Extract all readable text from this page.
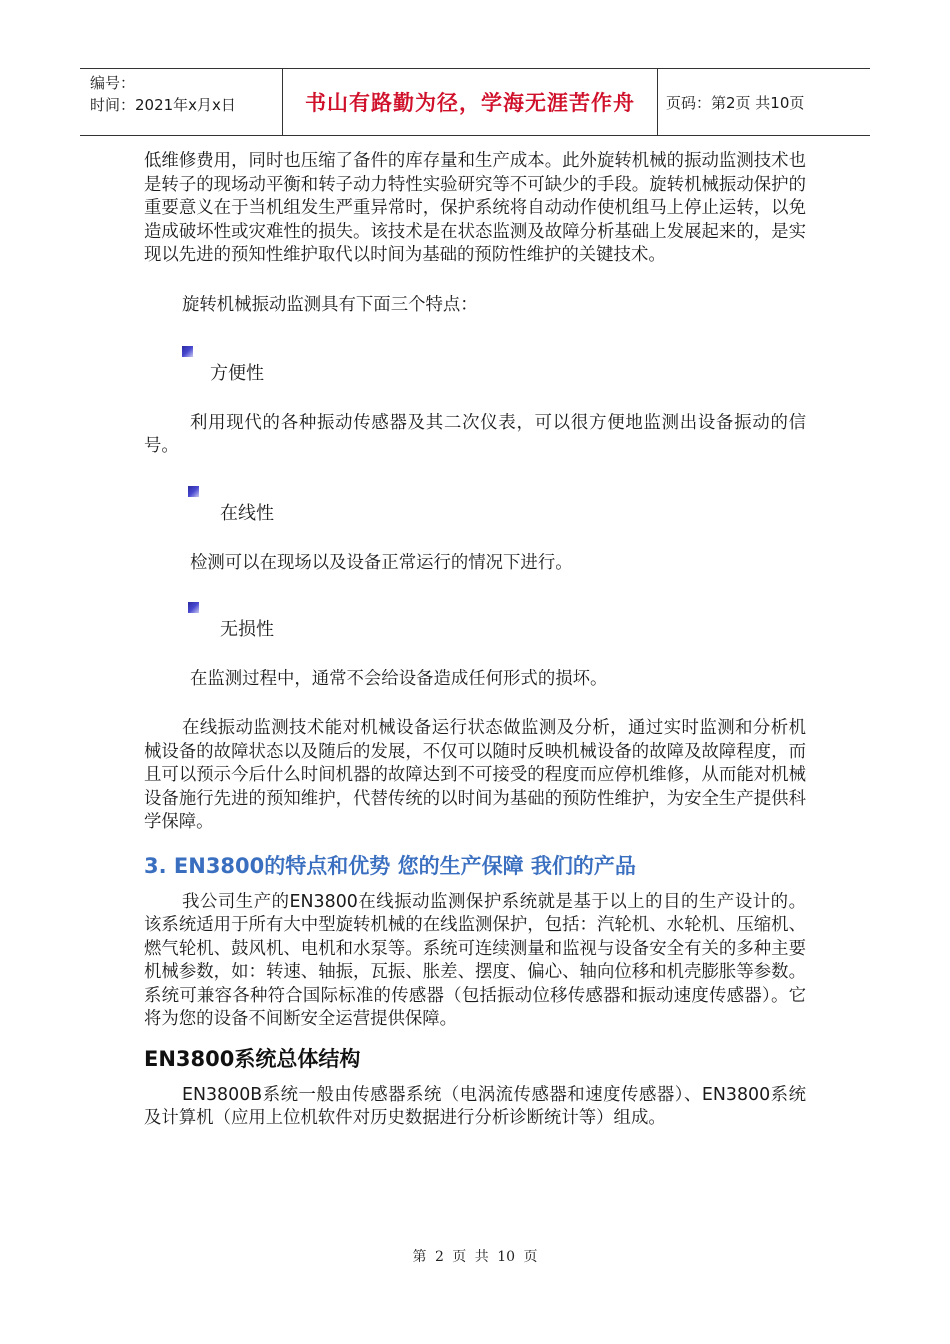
编号：
时间：2021年x月x日	书山有路勤为径，学海无涯苦作舟	页码：第2页 共10页

低维修费用，同时也压缩了备件的库存量和生产成本。此外旋转机械的振动监测技术也是转子的现场动平衡和转子动力特性实验研究等不可缺少的手段。旋转机械振动保护的重要意义在于当机组发生严重异常时，保护系统将自动动作使机组马上停止运转，以免造成破坏性或灾难性的损失。该技术是在状态监测及故障分析基础上发展起来的，是实现以先进的预知性维护取代以时间为基础的预防性维护的关键技术。

旋转机械振动监测具有下面三个特点：

方便性

利用现代的各种振动传感器及其二次仪表，可以很方便地监测出设备振动的信号。

在线性

检测可以在现场以及设备正常运行的情况下进行。

无损性

在监测过程中，通常不会给设备造成任何形式的损坏。

在线振动监测技术能对机械设备运行状态做监测及分析，通过实时监测和分析机械设备的故障状态以及随后的发展，不仅可以随时反映机械设备的故障及故障程度，而且可以预示今后什么时间机器的故障达到不可接受的程度而应停机维修，从而能对机械设备施行先进的预知维护，代替传统的以时间为基础的预防性维护，为安全生产提供科学保障。

3. EN3800的特点和优势 您的生产保障 我们的产品

我公司生产的EN3800在线振动监测保护系统就是基于以上的目的生产设计的。该系统适用于所有大中型旋转机械的在线监测保护，包括：汽轮机、水轮机、压缩机、燃气轮机、鼓风机、电机和水泵等。系统可连续测量和监视与设备安全有关的多种主要机械参数，如：转速、轴振，瓦振、胀差、摆度、偏心、轴向位移和机壳膨胀等参数。系统可兼容各种符合国际标准的传感器（包括振动位移传感器和振动速度传感器）。它将为您的设备不间断安全运营提供保障。

EN3800系统总体结构

EN3800B系统一般由传感器系统（电涡流传感器和速度传感器）、EN3800系统及计算机（应用上位机软件对历史数据进行分析诊断统计等）组成。

第 2 页 共 10 页
